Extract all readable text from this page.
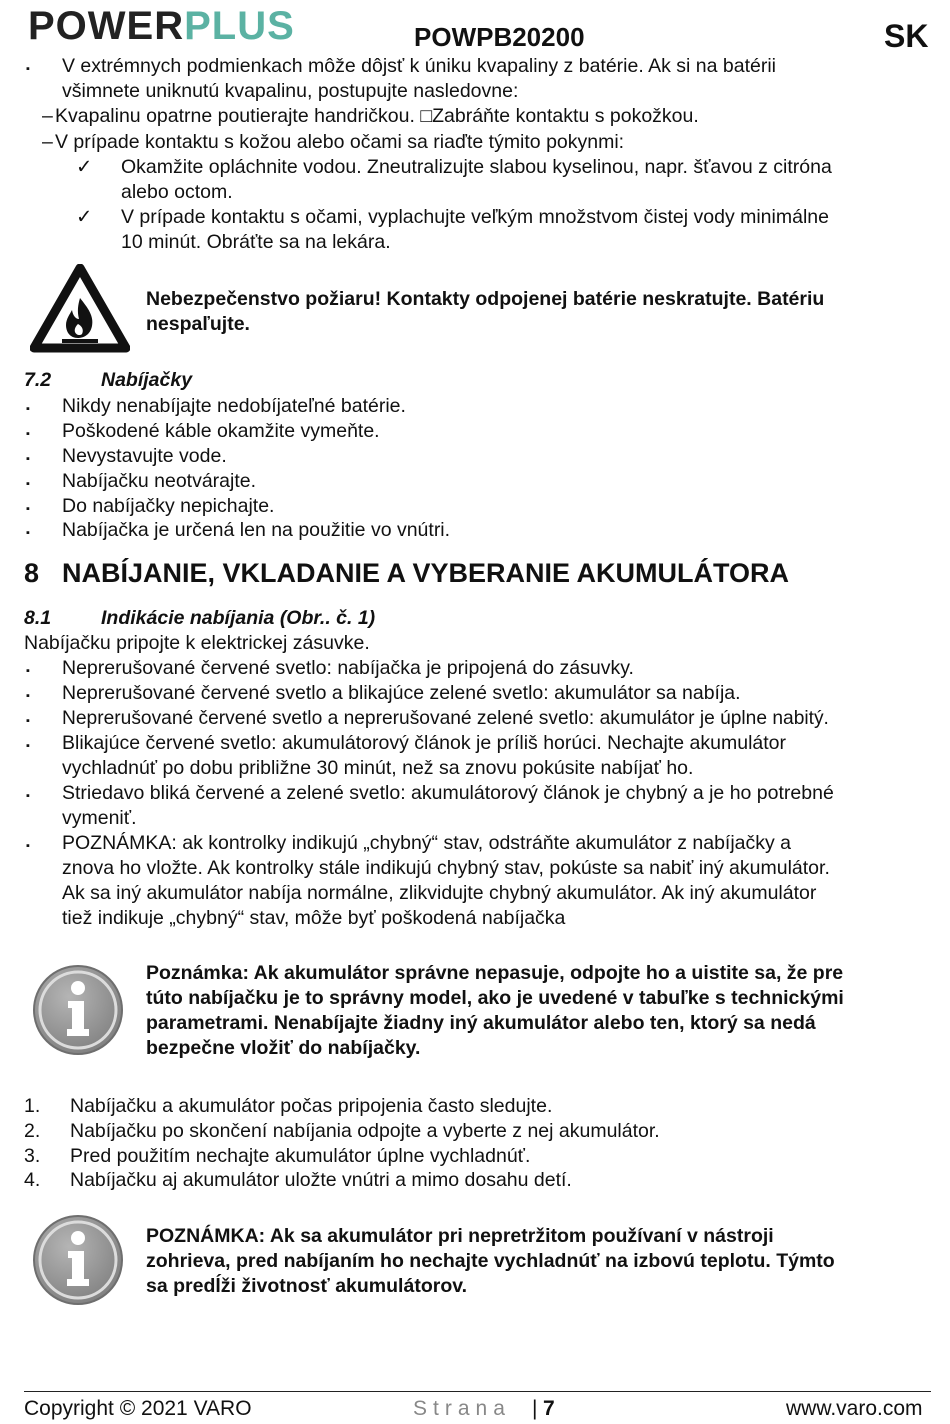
POWERPLUS	POWPB20200	SK
▪ V extrémnych podmienkach môže dôjsť k úniku kvapaliny z batérie. Ak si na batérii
všimnete uniknutú kvapalinu, postupujte nasledovne:
– Kvapalinu opatrne poutierajte handričkou. □Zabráňte kontaktu s pokožkou.
– V prípade kontaktu s kožou alebo očami sa riaďte týmito pokynmi:
✓ Okamžite opláchnite vodou. Zneutralizujte slabou kyselinou, napr. šťavou z citróna
alebo octom.
✓ V prípade kontaktu s očami, vyplachujte veľkým množstvom čistej vody minimálne
10 minút. Obráťte sa na lekára.
Nebezpečenstvo požiaru! Kontakty odpojenej batérie neskratujte. Batériu
nespaľujte.
7.2	Nabíjačky
▪ Nikdy nenabíjajte nedobíjateľné batérie.
▪ Poškodené káble okamžite vymeňte.
▪ Nevystavujte vode.
▪ Nabíjačku neotvárajte.
▪ Do nabíjačky nepichajte.
▪ Nabíjačka je určená len na použitie vo vnútri.
8 NABÍJANIE, VKLADANIE A VYBERANIE AKUMULÁTORA
8.1	Indikácie nabíjania (Obr.. č. 1)
Nabíjačku pripojte k elektrickej zásuvke.
▪ Neprerušované červené svetlo: nabíjačka je pripojená do zásuvky.
▪ Neprerušované červené svetlo a blikajúce zelené svetlo: akumulátor sa nabíja.
▪ Neprerušované červené svetlo a neprerušované zelené svetlo: akumulátor je úplne nabitý.
▪ Blikajúce červené svetlo: akumulátorový článok je príliš horúci. Nechajte akumulátor
vychladnúť po dobu približne 30 minút, než sa znovu pokúsite nabíjať ho.
▪ Striedavo bliká červené a zelené svetlo: akumulátorový článok je chybný a je ho potrebné
vymeniť.
▪ POZNÁMKA: ak kontrolky indikujú „chybný“ stav, odstráňte akumulátor z nabíjačky a
znova ho vložte. Ak kontrolky stále indikujú chybný stav, pokúste sa nabiť iný akumulátor.
Ak sa iný akumulátor nabíja normálne, zlikvidujte chybný akumulátor. Ak iný akumulátor
tiež indikuje „chybný“ stav, môže byť poškodená nabíjačka
Poznámka: Ak akumulátor správne nepasuje, odpojte ho a uistite sa, že pre
túto nabíjačku je to správny model, ako je uvedené v tabuľke s technickými
parametrami. Nenabíjajte žiadny iný akumulátor alebo ten, ktorý sa nedá
bezpečne vložiť do nabíjačky.
1. Nabíjačku a akumulátor počas pripojenia často sledujte.
2. Nabíjačku po skončení nabíjania odpojte a vyberte z nej akumulátor.
3. Pred použitím nechajte akumulátor úplne vychladnúť.
4. Nabíjačku aj akumulátor uložte vnútri a mimo dosahu detí.
POZNÁMKA: Ak sa akumulátor pri nepretržitom používaní v nástroji
zohrieva, pred nabíjaním ho nechajte vychladnúť na izbovú teplotu. Týmto
sa predĺži životnosť akumulátorov.
Copyright © 2021 VARO	Strana | 7	www.varo.com
